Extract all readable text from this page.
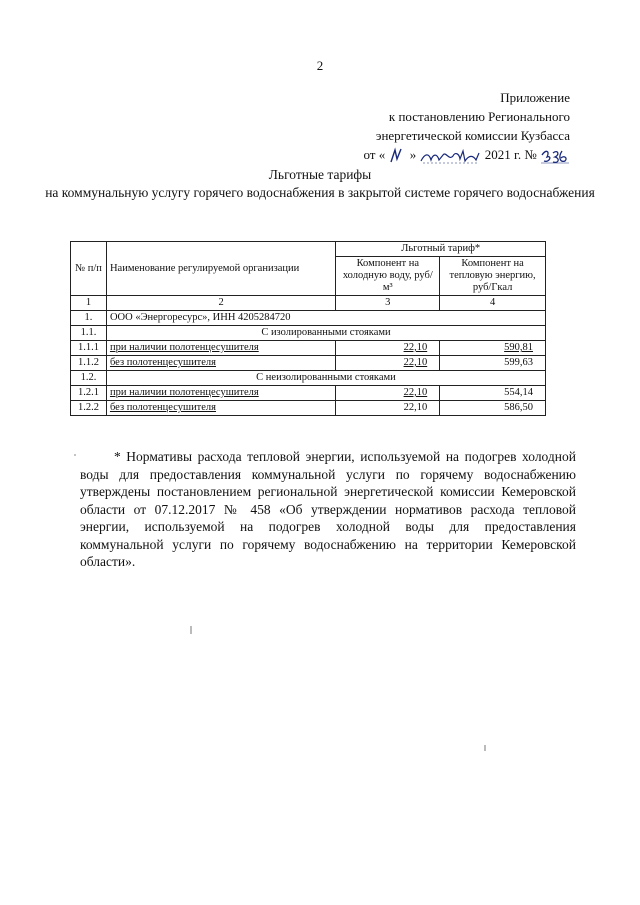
2
Приложение
к постановлению Регионального
энергетической комиссии Кузбасса
от « »	2021 г. №
Льготные тарифы
на коммунальную услугу горячего водоснабжения в закрытой системе горячего водоснабжения
№ п/п	Наименование регулируемой организации	Льготный тариф*	
		Компонент на холодную воду, руб/м³	Компонент на тепловую энергию, руб/Гкал
1	2	3	4
1.	ООО «Энергоресурс», ИНН 4205284720		
1.1.	С изолированными стояками		
1.1.1	при наличии полотенцесушителя	22,10	590,81
1.1.2	без полотенцесушителя	22,10	599,63
1.2.	С неизолированными стояками		
1.2.1	при наличии полотенцесушителя	22,10	554,14
1.2.2	без полотенцесушителя	22,10	586,50
* Нормативы расхода тепловой энергии, используемой на подогрев холодной воды для предоставления коммунальной услуги по горячему водоснабжению утверждены постановлением региональной энергетической комиссии Кемеровской области от 07.12.2017 № 458 «Об утверждении нормативов расхода тепловой энергии, используемой на подогрев холодной воды для предоставления коммунальной услуги по горячему водоснабжению на территории Кемеровской области».
